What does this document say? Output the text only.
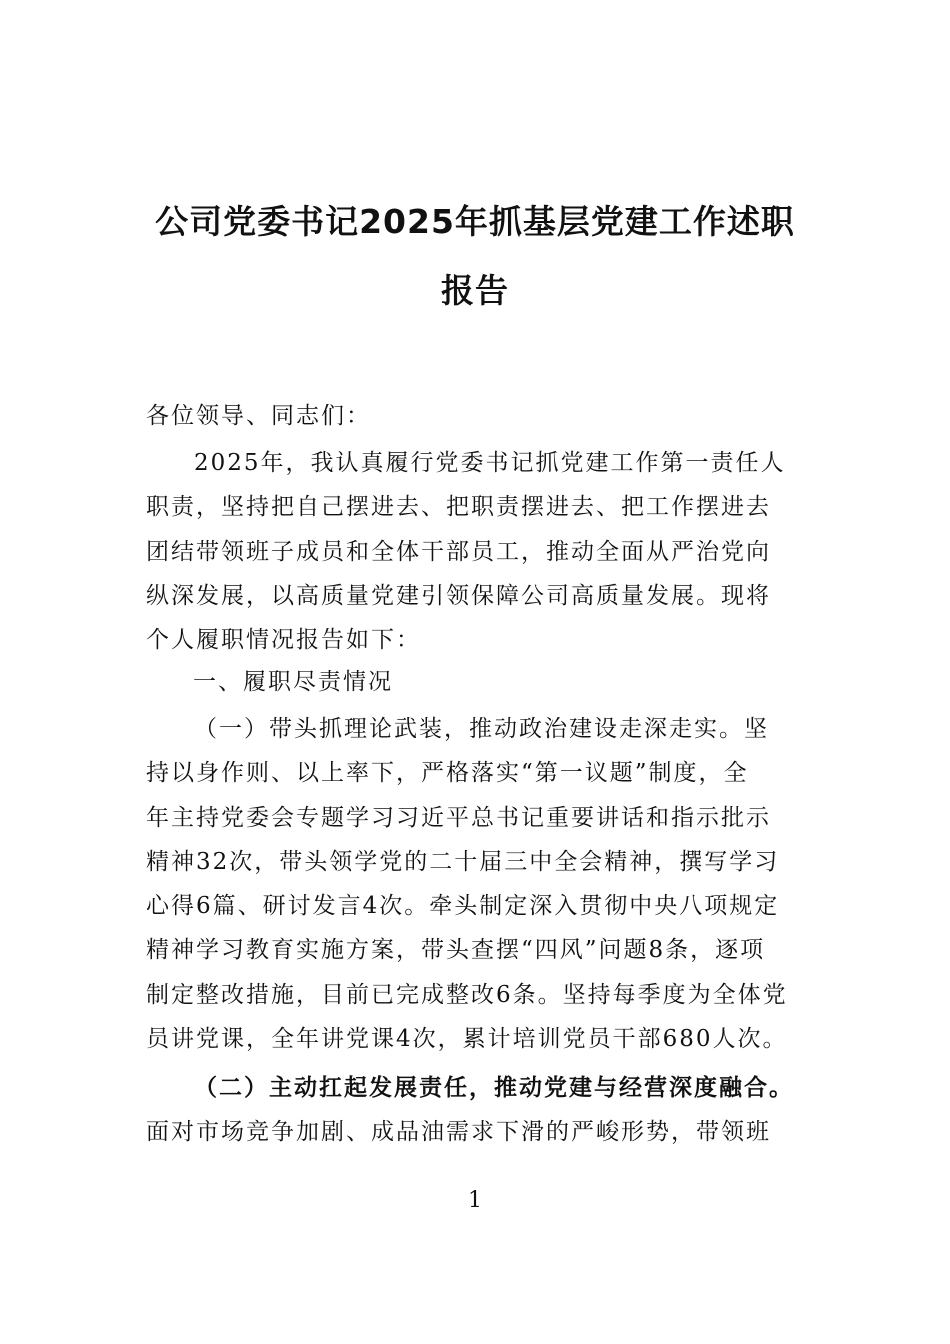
公司党委书记2025年抓基层党建工作述职
报告
各位领导、同志们：
2025年，我认真履行党委书记抓党建工作第一责任人
职责，坚持把自己摆进去、把职责摆进去、把工作摆进去
团结带领班子成员和全体干部员工，推动全面从严治党向
纵深发展，以高质量党建引领保障公司高质量发展。现将
个人履职情况报告如下：
一、履职尽责情况
（一）带头抓理论武装，推动政治建设走深走实。坚
持以身作则、以上率下，严格落实“第一议题”制度，全
年主持党委会专题学习习近平总书记重要讲话和指示批示
精神32次，带头领学党的二十届三中全会精神，撰写学习
心得6篇、研讨发言4次。牵头制定深入贯彻中央八项规定
精神学习教育实施方案，带头查摆“四风”问题8条，逐项
制定整改措施，目前已完成整改6条。坚持每季度为全体党
员讲党课，全年讲党课4次，累计培训党员干部680人次。
（二）主动扛起发展责任，推动党建与经营深度融合。
面对市场竞争加剧、成品油需求下滑的严峻形势，带领班
1
